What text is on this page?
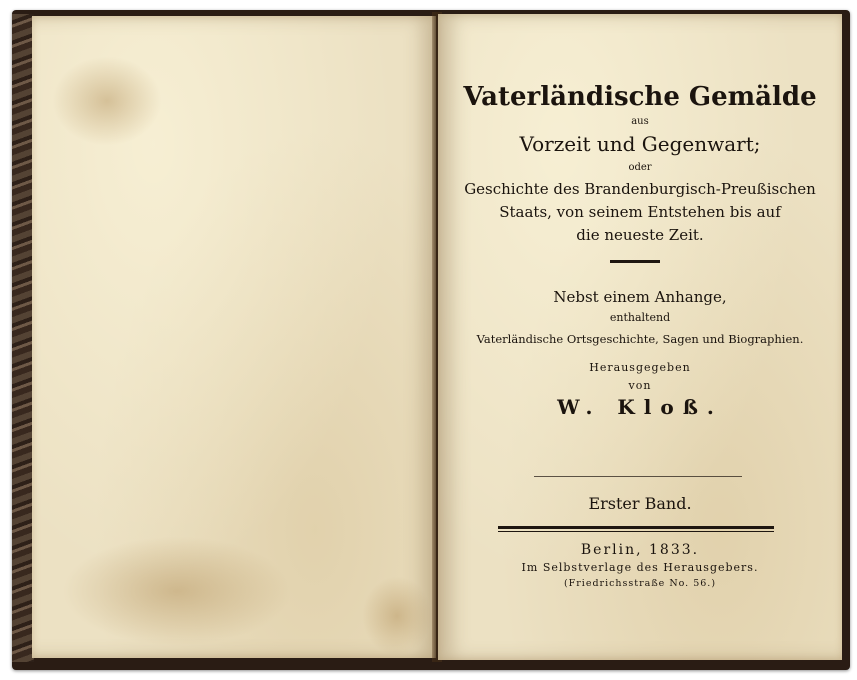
Vaterländische Gemälde
aus
Vorzeit und Gegenwart;
oder
Geschichte des Brandenburgisch-Preußischen
Staats, von seinem Entstehen bis auf
die neueste Zeit.
Nebst einem Anhange,
enthaltend
Vaterländische Ortsgeschichte, Sagen und Biographien.
Herausgegeben
von
W. Kloß.
Erster Band.
Berlin, 1833.
Im Selbstverlage des Herausgebers.
(Friedrichsstraße No. 56.)
